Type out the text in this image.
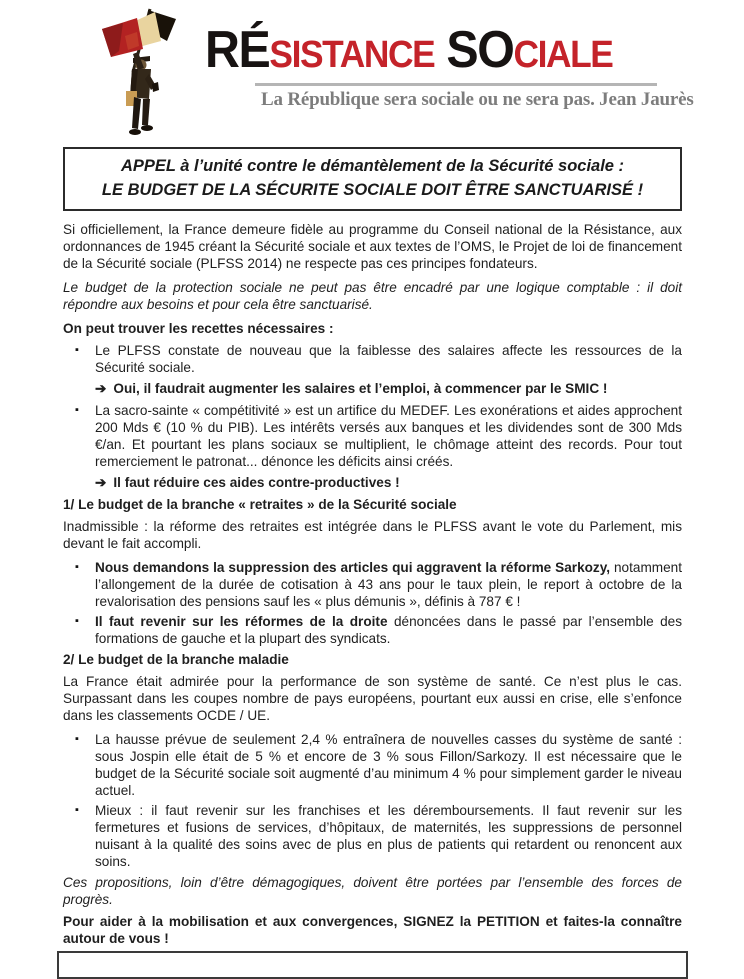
RÉSISTANCE SOCIALE
La République sera sociale ou ne sera pas. Jean Jaurès
APPEL à l’unité contre le démantèlement de la Sécurité sociale :
LE BUDGET DE LA SÉCURITE SOCIALE DOIT ÊTRE SANCTUARISÉ !

Si officiellement, la France demeure fidèle au programme du Conseil national de la Résistance, aux ordonnances de 1945 créant la Sécurité sociale et aux textes de l’OMS, le Projet de loi de financement de la Sécurité sociale (PLFSS 2014) ne respecte pas ces principes fondateurs.

Le budget de la protection sociale ne peut pas être encadré par une logique comptable : il doit répondre aux besoins et pour cela être sanctuarisé.

On peut trouver les recettes nécessaires :

▪ Le PLFSS constate de nouveau que la faiblesse des salaires affecte les ressources de la Sécurité sociale.

➔ Oui, il faudrait augmenter les salaires et l’emploi, à commencer par le SMIC !

▪ La sacro-sainte « compétitivité » est un artifice du MEDEF. Les exonérations et aides approchent 200 Mds € (10 % du PIB). Les intérêts versés aux banques et les dividendes sont de 300 Mds €/an. Et pourtant les plans sociaux se multiplient, le chômage atteint des records. Pour tout remerciement le patronat... dénonce les déficits ainsi créés.

➔ Il faut réduire ces aides contre-productives !

1/ Le budget de la branche « retraites » de la Sécurité sociale

Inadmissible : la réforme des retraites est intégrée dans le PLFSS avant le vote du Parlement, mis devant le fait accompli.

▪ Nous demandons la suppression des articles qui aggravent la réforme Sarkozy, notamment l’allongement de la durée de cotisation à 43 ans pour le taux plein, le report à octobre de la revalorisation des pensions sauf les « plus démunis », définis à 787 € !
▪ Il faut revenir sur les réformes de la droite dénoncées dans le passé par l’ensemble des formations de gauche et la plupart des syndicats.

2/ Le budget de la branche maladie

La France était admirée pour la performance de son système de santé. Ce n’est plus le cas. Surpassant dans les coupes nombre de pays européens, pourtant eux aussi en crise, elle s’enfonce dans les classements OCDE / UE.

▪ La hausse prévue de seulement 2,4 % entraînera de nouvelles casses du système de santé : sous Jospin elle était de 5 % et encore de 3 % sous Fillon/Sarkozy. Il est nécessaire que le budget de la Sécurité sociale soit augmenté d’au minimum 4 % pour simplement garder le niveau actuel.
▪ Mieux : il faut revenir sur les franchises et les déremboursements. Il faut revenir sur les fermetures et fusions de services, d’hôpitaux, de maternités, les suppressions de personnel nuisant à la qualité des soins avec de plus en plus de patients qui retardent ou renoncent aux soins.

Ces propositions, loin d’être démagogiques, doivent être portées par l’ensemble des forces de progrès.

Pour aider à la mobilisation et aux convergences, SIGNEZ la PETITION et faites-la connaître autour de vous !
